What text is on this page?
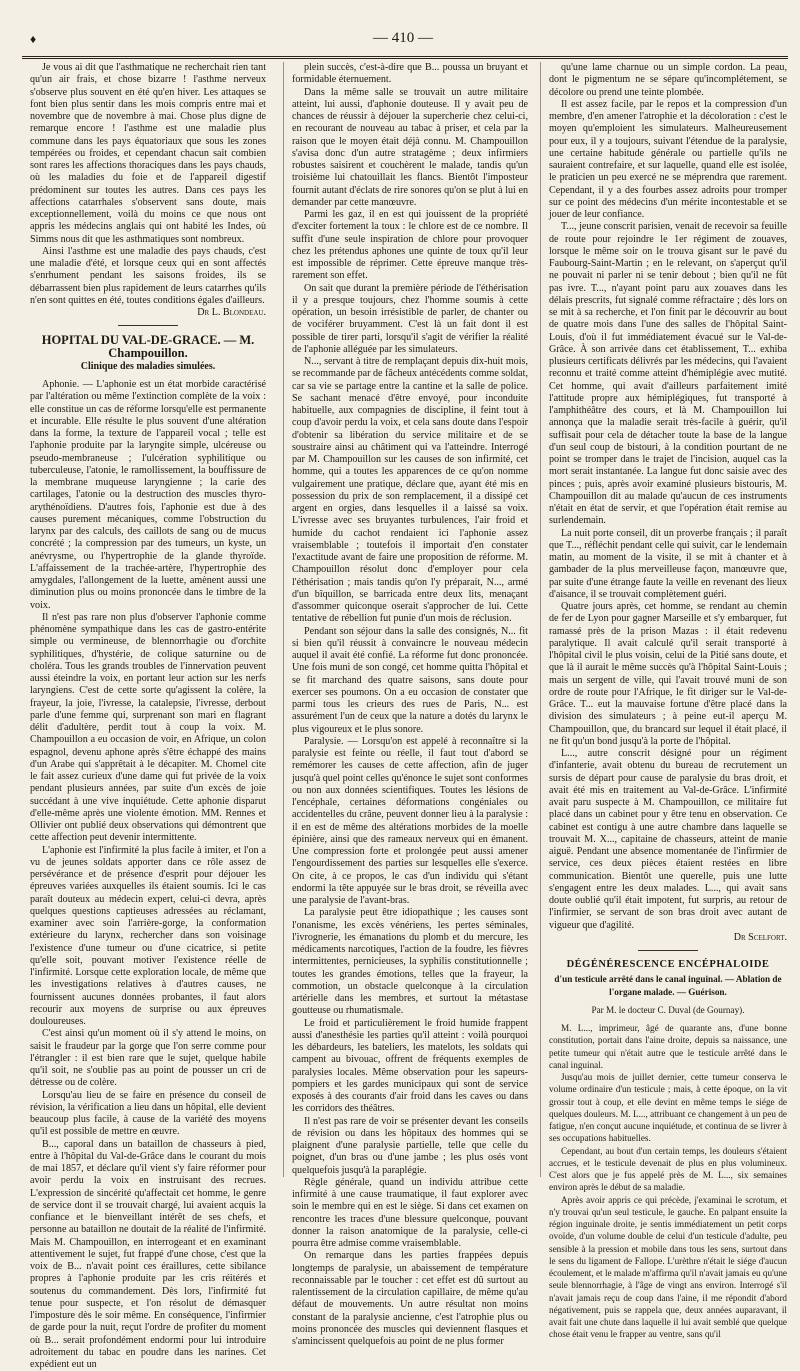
♦	— 410 —

Je vous ai dit que l'asthmatique ne recherchait rien tant qu'un air frais, et chose bizarre ! l'asthme nerveux s'observe plus souvent en été qu'en hiver. Les attaques se font bien plus sentir dans les mois compris entre mai et novembre que de novembre à mai. Chose plus digne de remarque encore ! l'asthme est une maladie plus commune dans les pays équatoriaux que sous les zones tempérées ou froides, et cependant chacun sait combien sont rares les affections thoraciques dans les pays chauds, où les maladies du foie et de l'appareil digestif prédominent sur toutes les autres. Dans ces pays les affections catarrhales s'observent sans doute, mais exceptionnellement, voilà du moins ce que nous ont appris les médecins anglais qui ont habité les Indes, où Simms nous dit que les asthmatiques sont nombreux.

Ainsi l'asthme est une maladie des pays chauds, c'est une maladie d'été, et lorsque ceux qui en sont affectés s'enrhument pendant les saisons froides, ils se débarrassent bien plus rapidement de leurs catarrhes qu'ils n'en sont quittes en été, toutes conditions égales d'ailleurs.

Dr L. Blondeau.

HOPITAL DU VAL-DE-GRACE. — M. Champouillon.
Clinique des maladies simulées.

Aphonie. — L'aphonie est un état morbide caractérisé par l'altération ou même l'extinction complète de la voix : elle constitue un cas de réforme lorsqu'elle est permanente et incurable. Elle résulte le plus souvent d'une altération dans la forme, la texture de l'appareil vocal ; telle est l'aphonie produite par la laryngite simple, ulcéreuse ou pseudo-membraneuse ; l'ulcération syphilitique ou tuberculeuse, l'atonie, le ramollissement, la bouffissure de la membrane muqueuse laryngienne ; la carie des cartilages, l'atonie ou la destruction des muscles thyro-arythénoïdiens. D'autres fois, l'aphonie est due à des causes purement mécaniques, comme l'obstruction du larynx par des calculs, des caillots de sang ou de mucus concrété ; la compression par des tumeurs, un kyste, un anévrysme, ou l'hypertrophie de la glande thyroïde. L'affaissement de la trachée-artère, l'hypertrophie des amygdales, l'allongement de la luette, amènent aussi une diminution plus ou moins prononcée dans le timbre de la voix.

Il n'est pas rare non plus d'observer l'aphonie comme phénomène sympathique dans les cas de gastro-entérite simple ou vermineuse, de blennorrhagie ou d'orchite syphilitiques, d'hystérie, de colique saturnine ou de choléra. Tous les grands troubles de l'innervation peuvent aussi éteindre la voix, en portant leur action sur les nerfs laryngiens. C'est de cette sorte qu'agissent la colère, la frayeur, la joie, l'ivresse, la catalepsie, l'ivresse, derbout parle d'une femme qui, surprenant son mari en flagrant délit d'adultère, perdit tout à coup la voix. M. Champouillon a eu occasion de voir, en Afrique, un colon espagnol, devenu aphone après s'être échappé des mains d'un Arabe qui s'apprêtait à le décapiter. M. Chomel cite le fait assez curieux d'une dame qui fut privée de la voix pendant plusieurs années, par suite d'un excès de joie succédant à une vive inquiétude. Cette aphonie disparut d'elle-même après une violente émotion. MM. Rennes et Ollivier ont publié deux observations qui démontrent que cette affection peut devenir intermittente.

L'aphonie est l'infirmité la plus facile à imiter, et l'on a vu de jeunes soldats apporter dans ce rôle assez de persévérance et de présence d'esprit pour déjouer les épreuves variées auxquelles ils étaient soumis. Ici le cas paraît douteux au médecin expert, celui-ci devra, après quelques questions captieuses adressées au réclamant, examiner avec soin l'arrière-gorge, la conformation extérieure du larynx, rechercher dans son voisinage l'existence d'une tumeur ou d'une cicatrice, si petite qu'elle soit, pouvant motiver l'existence réelle de l'infirmité. Lorsque cette exploration locale, de même que les investigations relatives à d'autres causes, ne fournissent aucunes données probantes, il faut alors recourir aux moyens de surprise ou aux épreuves douloureuses.

C'est ainsi qu'un moment où il s'y attend le moins, on saisit le fraudeur par la gorge que l'on serre comme pour l'étrangler : il est bien rare que le sujet, quelque habile qu'il soit, ne s'oublie pas au point de pousser un cri de détresse ou de colère.

Lorsqu'au lieu de se faire en présence du conseil de révision, la vérification a lieu dans un hôpital, elle devient beaucoup plus facile, à cause de la variété des moyens qu'il est possible de mettre en œuvre.

B..., caporal dans un bataillon de chasseurs à pied, entre à l'hôpital du Val-de-Grâce dans le courant du mois de mai 1857, et déclare qu'il vient s'y faire réformer pour avoir perdu la voix en instruisant des recrues. L'expression de sincérité qu'affectait cet homme, le genre de service dont il se trouvait chargé, lui avaient acquis la confiance et le bienveillant intérêt de ses chefs, et personne au bataillon ne doutait de la réalité de l'infirmité. Mais M. Champouillon, en interrogeant et en examinant attentivement le sujet, fut frappé d'une chose, c'est que la voix de B... n'avait point ces éraillures, cette sibilance propres à l'aphonie produite par les cris réitérés et soutenus du commandement. Dès lors, l'infirmité fut tenue pour suspecte, et l'on résolut de démasquer l'imposture dès le soir même. En conséquence, l'infirmier de garde pour la nuit, reçut l'ordre de profiter du moment où B... serait profondément endormi pour lui introduire adroitement du tabac en poudre dans les narines. Cet expédient eut un

plein succès, c'est-à-dire que B... poussa un bruyant et formidable éternuement.

Dans la même salle se trouvait un autre militaire atteint, lui aussi, d'aphonie douteuse. Il y avait peu de chances de réussir à déjouer la supercherie chez celui-ci, en recourant de nouveau au tabac à priser, et cela par la raison que le moyen était déjà connu. M. Champouillon s'avisa donc d'un autre stratagème ; deux infirmiers robustes saisirent et couchèrent le malade, tandis qu'un troisième lui chatouillait les flancs. Bientôt l'imposteur fournit autant d'éclats de rire sonores qu'on se plut à lui en demander par cette manœuvre.

Parmi les gaz, il en est qui jouissent de la propriété d'exciter fortement la toux : le chlore est de ce nombre. Il suffit d'une seule inspiration de chlore pour provoquer chez les prétendus aphones une quinte de toux qu'il leur est impossible de réprimer. Cette épreuve manque très-rarement son effet.

On sait que durant la première période de l'éthérisation il y a presque toujours, chez l'homme soumis à cette opération, un besoin irrésistible de parler, de chanter ou de vociférer bruyamment. C'est là un fait dont il est possible de tirer parti, lorsqu'il s'agit de vérifier la réalité de l'aphonie alléguée par les simulateurs.

N..., servant à titre de remplaçant depuis dix-huit mois, se recommande par de fâcheux antécédents comme soldat, car sa vie se partage entre la cantine et la salle de police. Se sachant menacé d'être envoyé, pour inconduite habituelle, aux compagnies de discipline, il feint tout à coup d'avoir perdu la voix, et cela sans doute dans l'espoir d'obtenir sa libération du service militaire et de se soustraire ainsi au châtiment qui va l'atteindre. Interrogé par M. Champouillon sur les causes de son infirmité, cet homme, qui a toutes les apparences de ce qu'on nomme vulgairement une pratique, déclare que, ayant été mis en possession du prix de son remplacement, il a dissipé cet argent en orgies, dans lesquelles il a laissé sa voix. L'ivresse avec ses bruyantes turbulences, l'air froid et humide du cachot rendaient ici l'aphonie assez vraisemblable ; toutefois il importait d'en constater l'exactitude avant de faire une proposition de réforme. M. Champouillon résolut donc d'employer pour cela l'éthérisation ; mais tandis qu'on l'y préparait, N..., armé d'un bîquillon, se barricada entre deux lits, menaçant d'assommer quiconque oserait s'approcher de lui. Cette tentative de rébellion fut punie d'un mois de réclusion.

Pendant son séjour dans la salle des consignés, N... fit si bien qu'il réussit à convaincre le nouveau médecin auquel il avait été confié. La réforme fut donc prononcée. Une fois muni de son congé, cet homme quitta l'hôpital et se fit marchand des quatre saisons, sans doute pour exercer ses poumons. On a eu occasion de constater que parmi tous les crieurs des rues de Paris, N... est assurément l'un de ceux que la nature a dotés du larynx le plus vigoureux et le plus sonore.

Paralysie. — Lorsqu'on est appelé à reconnaître si la paralysie est feinte ou réelle, il faut tout d'abord se remémorer les causes de cette affection, afin de juger jusqu'à quel point celles qu'énonce le sujet sont conformes ou non aux données scientifiques. Toutes les lésions de l'encéphale, certaines déformations congéniales ou accidentelles du crâne, peuvent donner lieu à la paralysie : il en est de même des altérations morbides de la moelle épinière, ainsi que des rameaux nerveux qui en émanent. Une compression forte et prolongée peut aussi amener l'engourdissement des parties sur lesquelles elle s'exerce. On cite, à ce propos, le cas d'un individu qui s'étant endormi la tête appuyée sur le bras droit, se réveilla avec une paralysie de l'avant-bras.

La paralysie peut être idiopathique ; les causes sont l'onanisme, les excès vénériens, les pertes séminales, l'ivrognerie, les émanations du plomb et du mercure, les médicaments narcotiques, l'action de la foudre, les fièvres intermittentes, pernicieuses, la syphilis constitutionnelle ; toutes les grandes émotions, telles que la frayeur, la commotion, un obstacle quelconque à la circulation artérielle dans les membres, et surtout la métastase goutteuse ou rhumatismale.

Le froid et particulièrement le froid humide frappent aussi d'anesthésie les parties qu'il atteint : voilà pourquoi les débardeurs, les bateliers, les matelots, les soldats qui campent au bivouac, offrent de fréquents exemples de paralysies locales. Même observation pour les sapeurs-pompiers et les gardes municipaux qui sont de service exposés à des courants d'air froid dans les caves ou dans les corridors des théâtres.

Il n'est pas rare de voir se présenter devant les conseils de révision ou dans les hôpitaux des hommes qui se plaignent d'une paralysie partielle, telle que celle du poignet, d'un bras ou d'une jambe ; les plus osés vont quelquefois jusqu'à la paraplégie.

Règle générale, quand un individu attribue cette infirmité à une cause traumatique, il faut explorer avec soin le membre qui en est le siège. Si dans cet examen on rencontre les traces d'une blessure quelconque, pouvant donner la raison anatomique de la paralysie, celle-ci pourra être admise comme vraisemblable.

On remarque dans les parties frappées depuis longtemps de paralysie, un abaissement de température reconnaissable par le toucher : cet effet est dû surtout au ralentissement de la circulation capillaire, de même qu'au défaut de mouvements. Un autre résultat non moins constant de la paralysie ancienne, c'est l'atrophie plus ou moins prononcée des muscles qui deviennent flasques et s'amincissent quelquefois au point de ne plus former

qu'une lame charnue ou un simple cordon. La peau, dont le pigmentum ne se sépare qu'incomplétement, se décolore ou prend une teinte plombée.

Il est assez facile, par le repos et la compression d'un membre, d'en amener l'atrophie et la décoloration : c'est le moyen qu'emploient les simulateurs. Malheureusement pour eux, il y a toujours, suivant l'étendue de la paralysie, une certaine habitude générale ou partielle qu'ils ne sauraient contrefaire, et sur laquelle, quand elle est isolée, le praticien un peu exercé ne se méprendra que rarement. Cependant, il y a des fourbes assez adroits pour tromper sur ce point des médecins d'un mérite incontestable et se jouer de leur confiance.

T..., jeune conscrit parisien, venait de recevoir sa feuille de route pour rejoindre le 1er régiment de zouaves, lorsque le même soir on le trouva gisant sur le pavé du Faubourg-Saint-Martin ; en le relevant, on s'aperçut qu'il ne pouvait ni parler ni se tenir debout ; bien qu'il ne fût pas ivre. T..., n'ayant point paru aux zouaves dans les délais prescrits, fut signalé comme réfractaire ; dès lors on se mit à sa recherche, et l'on finit par le découvrir au bout de quatre mois dans l'une des salles de l'hôpital Saint-Louis, d'où il fut immédiatement évacué sur le Val-de-Grâce. À son arrivée dans cet établissement, T... exhiba plusieurs certificats délivrés par les médecins, qui l'avaient reconnu et traité comme atteint d'hémiplégie avec mutité. Cet homme, qui avait d'ailleurs parfaitement imité l'attitude propre aux hémiplégiques, fut transporté à l'amphithéâtre des cours, et là M. Champouillon lui annonça que la maladie serait très-facile à guérir, qu'il suffisait pour cela de détacher toute la base de la langue d'un seul coup de bistouri, à la condition pourtant de ne point se tromper dans le trajet de l'incision, auquel cas la mort serait instantanée. La langue fut donc saisie avec des pinces ; puis, après avoir examiné plusieurs bistouris, M. Champouillon dit au malade qu'aucun de ces instruments n'était en état de servir, et que l'opération était remise au surlendemain.

La nuit porte conseil, dit un proverbe français ; il paraît que T..., réfléchit pendant celle qui suivit, car le lendemain matin, au moment de la visite, il se mit à chanter et à gambader de la plus merveilleuse façon, manœuvre que, par suite d'une étrange faute la veille en revenant des lieux d'aisance, il se trouvait complètement guéri.

Quatre jours après, cet homme, se rendant au chemin de fer de Lyon pour gagner Marseille et s'y embarquer, fut ramassé près de la prison Mazas : il était redevenu paralytique. Il avait calculé qu'il serait transporté à l'hôpital civil le plus voisin, celui de la Pitié sans doute, et que là il aurait le même succès qu'à l'hôpital Saint-Louis ; mais un sergent de ville, qui l'avait trouvé muni de son ordre de route pour l'Afrique, le fit diriger sur le Val-de-Grâce. T... eut la mauvaise fortune d'être placé dans la division des simulateurs ; à peine eut-il aperçu M. Champouillon, que, du brancard sur lequel il était placé, il ne fit qu'un bond jusqu'à la porte de l'hôpital.

L..., autre conscrit désigné pour un régiment d'infanterie, avait obtenu du bureau de recrutement un sursis de départ pour cause de paralysie du bras droit, et avait été mis en traitement au Val-de-Grâce. L'infirmité avait paru suspecte à M. Champouillon, ce militaire fut placé dans un cabinet pour y être tenu en observation. Ce cabinet est contigu à une autre chambre dans laquelle se trouvait M. X..., capitaine de chasseurs, atteint de manie aiguë. Pendant une absence momentanée de l'infirmier de service, ces deux pièces étaient restées en libre communication. Bientôt une querelle, puis une lutte s'engagent entre les deux malades. L..., qui avait sans doute oublié qu'il était impotent, fut surpris, au retour de l'infirmier, se servant de son bras droit avec autant de vigueur que d'agilité.

Dr Scelfort.

DÉGÉNÉRESCENCE ENCÉPHALOIDE
d'un testicule arrêté dans le canal inguinal. — Ablation de l'organe malade. — Guérison.
Par M. le docteur C. Duval (de Gournay).

M. L..., imprimeur, âgé de quarante ans, d'une bonne constitution, portait dans l'aine droite, depuis sa naissance, une petite tumeur qui n'était autre que le testicule arrêté dans le canal inguinal.

Jusqu'au mois de juillet dernier, cette tumeur conserva le volume ordinaire d'un testicule ; mais, à cette époque, on la vit grossir tout à coup, et elle devint en même temps le siége de quelques douleurs. M. L..., attribuant ce changement à un peu de fatigue, n'en conçut aucune inquiétude, et continua de se livrer à ses occupations habituelles.

Cependant, au bout d'un certain temps, les douleurs s'étaient accrues, et le testicule devenait de plus en plus volumineux. C'est alors que je fus appelé près de M. L..., six semaines environ après le début de sa maladie.

Après avoir appris ce qui précède, j'examinai le scrotum, et n'y trouvai qu'un seul testicule, le gauche. En palpant ensuite la région inguinale droite, je sentis immédiatement un petit corps ovoïde, d'un volume double de celui d'un testicule d'adulte, peu sensible à la pression et mobile dans tous les sens, surtout dans le sens du ligament de Fallope. L'urèthre n'était le siége d'aucun écoulement, et le malade m'affirma qu'il n'avait jamais eu qu'une seule blennorrhagie, à l'âge de vingt ans environ. Interrogé s'il n'avait jamais reçu de coup dans l'aine, il me répondit d'abord négativement, puis se rappela que, deux années auparavant, il avait fait une chute dans laquelle il lui avait semblé que quelque chose était venu le frapper au ventre, sans qu'il
